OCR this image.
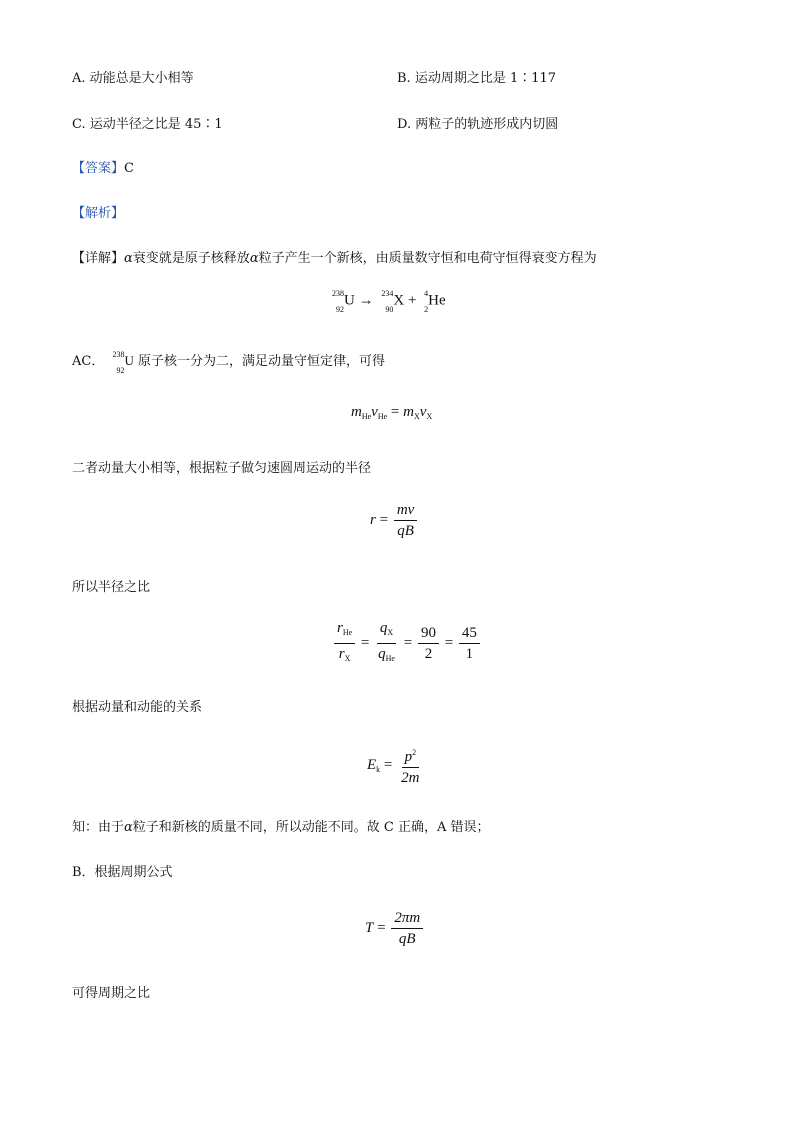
A. 动能总是大小相等	B. 运动周期之比是 1∶117
C. 运动半径之比是 45∶1	D. 两粒子的轨迹形成内切圆
【答案】C
【解析】
【详解】α衰变就是原子核释放α粒子产生一个新核，由质量数守恒和电荷守恒得衰变方程为
238
92
U → 234
90
X + 4
2
He
AC． 238
92
U 原子核一分为二，满足动量守恒定律，可得
$m_{He}v_{He} = m_Xv_X$
二者动量大小相等，根据粒子做匀速圆周运动的半径
$r = \frac{mv}{qB}$
所以半径之比
$\frac{r_{He}}{r_X} = \frac{q_X}{q_{He}} = \frac{90}{2} = \frac{45}{1}$
根据动量和动能的关系
$E_k = \frac{p^2}{2m}$
知：由于α粒子和新核的质量不同，所以动能不同。故 C 正确，A 错误；
B．根据周期公式
$T = \frac{2\pi m}{qB}$
可得周期之比
